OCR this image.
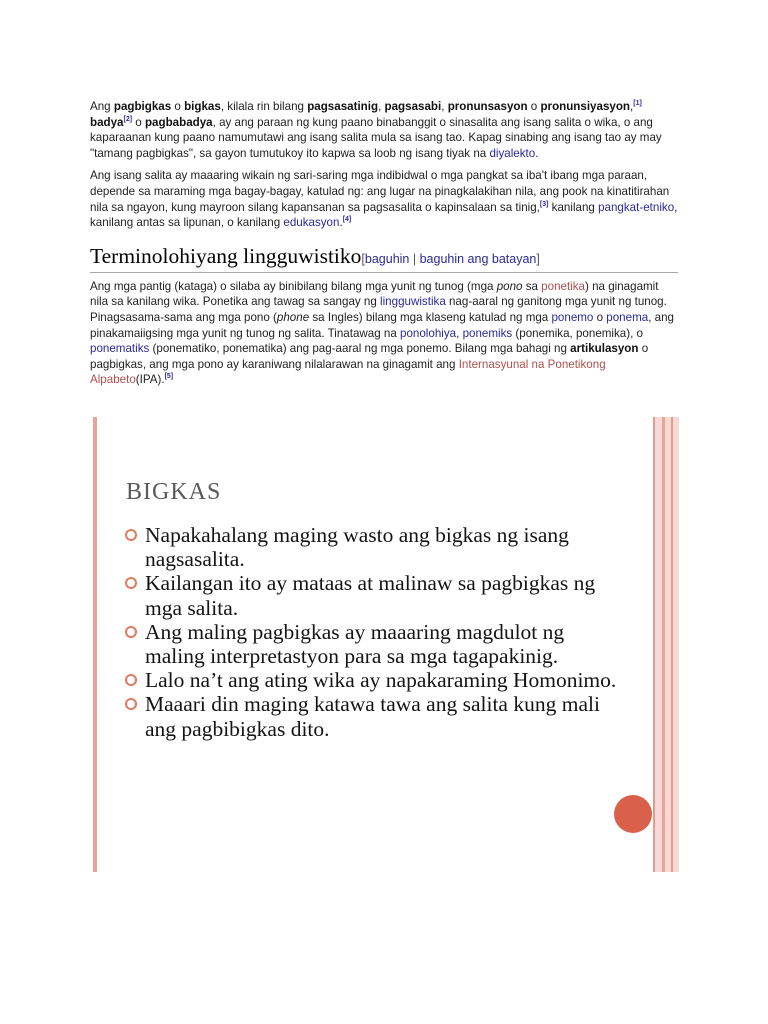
Ang pagbigkas o bigkas, kilala rin bilang pagsasatinig, pagsasabi, pronunsasyon o pronunsiyasyon,[1] badya[2] o pagbabadya, ay ang paraan ng kung paano binabanggit o sinasalita ang isang salita o wika, o ang kaparaanan kung paano namumutawi ang isang salita mula sa isang tao. Kapag sinabing ang isang tao ay may "tamang pagbigkas", sa gayon tumutukoy ito kapwa sa loob ng isang tiyak na diyalekto.

Ang isang salita ay maaaring wikain ng sari-saring mga indibidwal o mga pangkat sa iba't ibang mga paraan, depende sa maraming mga bagay-bagay, katulad ng: ang lugar na pinagkalakihan nila, ang pook na kinatitirahan nila sa ngayon, kung mayroon silang kapansanan sa pagsasalita o kapinsalaan sa tinig,[3] kanilang pangkat-etniko, kanilang antas sa lipunan, o kanilang edukasyon.[4]

Terminolohiyang lingguwistiko[baguhin | baguhin ang batayan]

Ang mga pantig (kataga) o silaba ay binibilang bilang mga yunit ng tunog (mga pono sa ponetika) na ginagamit nila sa kanilang wika. Ponetika ang tawag sa sangay ng lingguwistika nag-aaral ng ganitong mga yunit ng tunog. Pinagsasama-sama ang mga pono (phone sa Ingles) bilang mga klaseng katulad ng mga ponemo o ponema, ang pinakamaiigsing mga yunit ng tunog ng salita. Tinatawag na ponolohiya, ponemiks (ponemika, ponemika), o ponematiks (ponematiko, ponematika) ang pag-aaral ng mga ponemo. Bilang mga bahagi ng artikulasyon o pagbigkas, ang mga pono ay karaniwang nilalarawan na ginagamit ang Internasyunal na Ponetikong Alpabeto(IPA).[5]

BIGKAS
Napakahalang maging wasto ang bigkas ng isang nagsasalita.
Kailangan ito ay mataas at malinaw sa pagbigkas ng mga salita.
Ang maling pagbigkas ay maaaring magdulot ng maling interpretastyon para sa mga tagapakinig.
Lalo na’t ang ating wika ay napakaraming Homonimo.
Maaari din maging katawa tawa ang salita kung mali ang pagbibigkas dito.
